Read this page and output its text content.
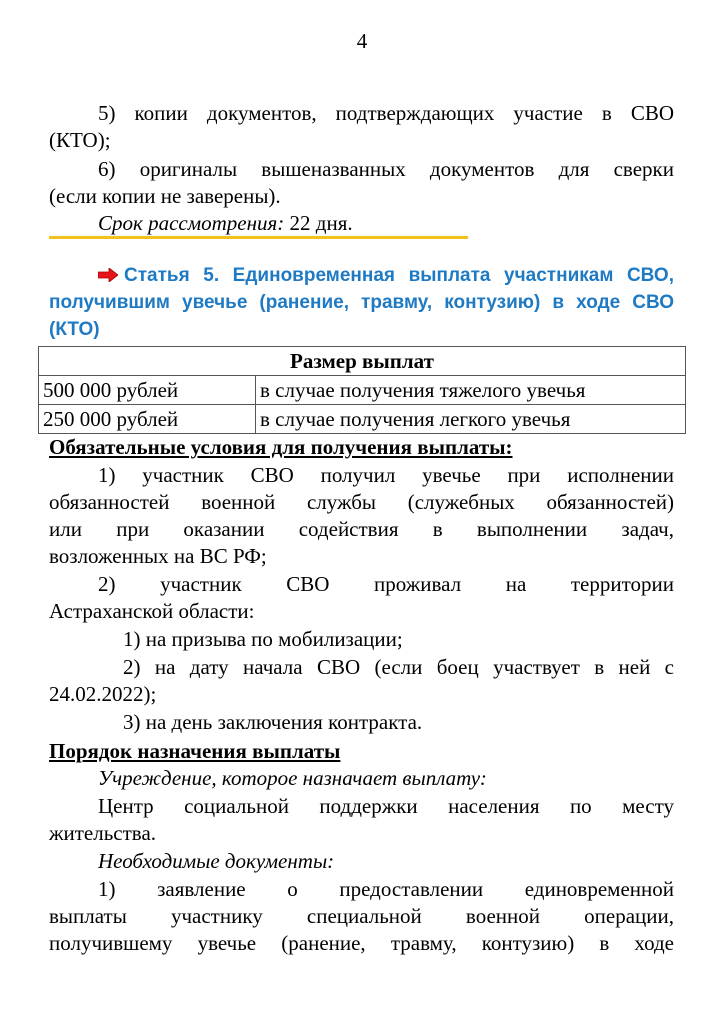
4
5) копии документов, подтверждающих участие в СВО
(КТО);
6) оригиналы вышеназванных документов для сверки
(если копии не заверены).
Срок рассмотрения: 22 дня.
Статья 5. Единовременная выплата участникам СВО,
получившим увечье (ранение, травму, контузию) в ходе СВО
(КТО)
Размер выплат	
500 000 рублей	в случае получения тяжелого увечья
250 000 рублей	в случае получения легкого увечья
Обязательные условия для получения выплаты:
1) участник СВО получил увечье при исполнении
обязанностей военной службы (служебных обязанностей)
или при оказании содействия в выполнении задач,
возложенных на ВС РФ;
2) участник СВО проживал на территории
Астраханской области:
1) на призыва по мобилизации;
2) на дату начала СВО (если боец участвует в ней с
24.02.2022);
3) на день заключения контракта.
Порядок назначения выплаты
Учреждение, которое назначает выплату:
Центр социальной поддержки населения по месту
жительства.
Необходимые документы:
1) заявление о предоставлении единовременной
выплаты участнику специальной военной операции,
получившему увечье (ранение, травму, контузию) в ходе
